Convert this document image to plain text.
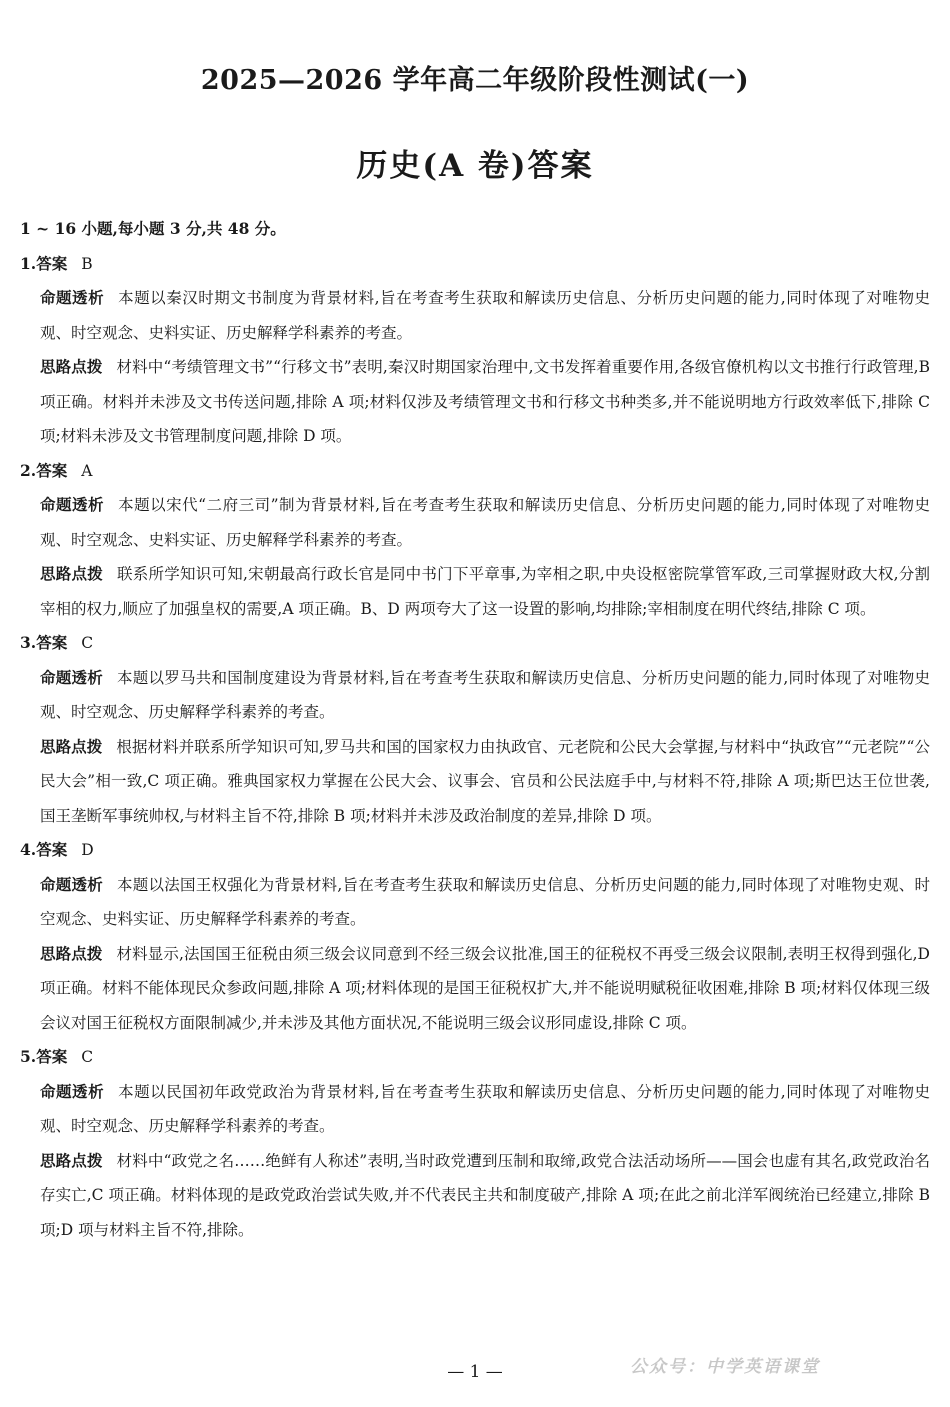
2025—2026 学年高二年级阶段性测试(一)
历史(A 卷)答案
1 ~ 16 小题,每小题 3 分,共 48 分。
1.答案 B
命题透析 本题以秦汉时期文书制度为背景材料,旨在考查考生获取和解读历史信息、分析历史问题的能力,同时体现了对唯物史观、时空观念、史料实证、历史解释学科素养的考查。
思路点拨 材料中“考绩管理文书”“行移文书”表明,秦汉时期国家治理中,文书发挥着重要作用,各级官僚机构以文书推行行政管理,B 项正确。材料并未涉及文书传送问题,排除 A 项;材料仅涉及考绩管理文书和行移文书种类多,并不能说明地方行政效率低下,排除 C 项;材料未涉及文书管理制度问题,排除 D 项。
2.答案 A
命题透析 本题以宋代“二府三司”制为背景材料,旨在考查考生获取和解读历史信息、分析历史问题的能力,同时体现了对唯物史观、时空观念、史料实证、历史解释学科素养的考查。
思路点拨 联系所学知识可知,宋朝最高行政长官是同中书门下平章事,为宰相之职,中央设枢密院掌管军政,三司掌握财政大权,分割宰相的权力,顺应了加强皇权的需要,A 项正确。B、D 两项夸大了这一设置的影响,均排除;宰相制度在明代终结,排除 C 项。
3.答案 C
命题透析 本题以罗马共和国制度建设为背景材料,旨在考查考生获取和解读历史信息、分析历史问题的能力,同时体现了对唯物史观、时空观念、历史解释学科素养的考查。
思路点拨 根据材料并联系所学知识可知,罗马共和国的国家权力由执政官、元老院和公民大会掌握,与材料中“执政官”“元老院”“公民大会”相一致,C 项正确。雅典国家权力掌握在公民大会、议事会、官员和公民法庭手中,与材料不符,排除 A 项;斯巴达王位世袭,国王垄断军事统帅权,与材料主旨不符,排除 B 项;材料并未涉及政治制度的差异,排除 D 项。
4.答案 D
命题透析 本题以法国王权强化为背景材料,旨在考查考生获取和解读历史信息、分析历史问题的能力,同时体现了对唯物史观、时空观念、史料实证、历史解释学科素养的考查。
思路点拨 材料显示,法国国王征税由须三级会议同意到不经三级会议批准,国王的征税权不再受三级会议限制,表明王权得到强化,D 项正确。材料不能体现民众参政问题,排除 A 项;材料体现的是国王征税权扩大,并不能说明赋税征收困难,排除 B 项;材料仅体现三级会议对国王征税权方面限制减少,并未涉及其他方面状况,不能说明三级会议形同虚设,排除 C 项。
5.答案 C
命题透析 本题以民国初年政党政治为背景材料,旨在考查考生获取和解读历史信息、分析历史问题的能力,同时体现了对唯物史观、时空观念、历史解释学科素养的考查。
思路点拨 材料中“政党之名……绝鲜有人称述”表明,当时政党遭到压制和取缔,政党合法活动场所——国会也虚有其名,政党政治名存实亡,C 项正确。材料体现的是政党政治尝试失败,并不代表民主共和制度破产,排除 A 项;在此之前北洋军阀统治已经建立,排除 B 项;D 项与材料主旨不符,排除。
— 1 —	公众号：中学英语课堂
